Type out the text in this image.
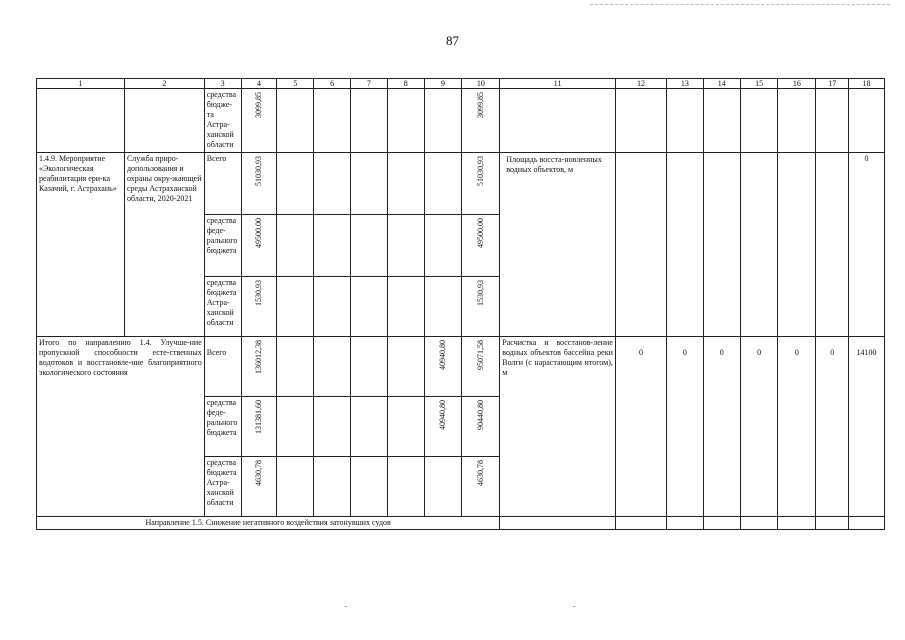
87
1	2	3	4	5	6	7	8	9	10	11	12	13	14	15	16	17	18
		средства бюдже-та Астра-ханской области	3099,85						3099,85								

1.4.9. Мероприятие «Экологическая реабилитация ери-ка Казачий, г. Астрахань»	Служба приро-допользования и охраны окру-жающей среды Астраханской области, 2020-2021	Всего	51030,93						51030,93	Площадь восста-новленных водных объектов, м							0
		средства феде-рального бюджета	49500,00						49500,00								

		средства бюджета Астра-ханской области	1530,93						1530,93								

Итого по направлению 1.4. Улучше-ние пропускной способности есте-ственных водотоков и восстановле-ние благоприятного экологического состояния		Всего	136012,38					40940,80	95071,58	Расчистка и восстанов-ление водных объектов бассейна реки Волги (с нарастающим итогом), м	0	0	0	0	0	0	14100

		средства феде-рального бюджета	131381,60					40940,80	90440,80								

		средства бюджета Астра-ханской области	4630,78						4630,78								

Направление 1.5. Снижение негативного воздействия затонувших судов																	
